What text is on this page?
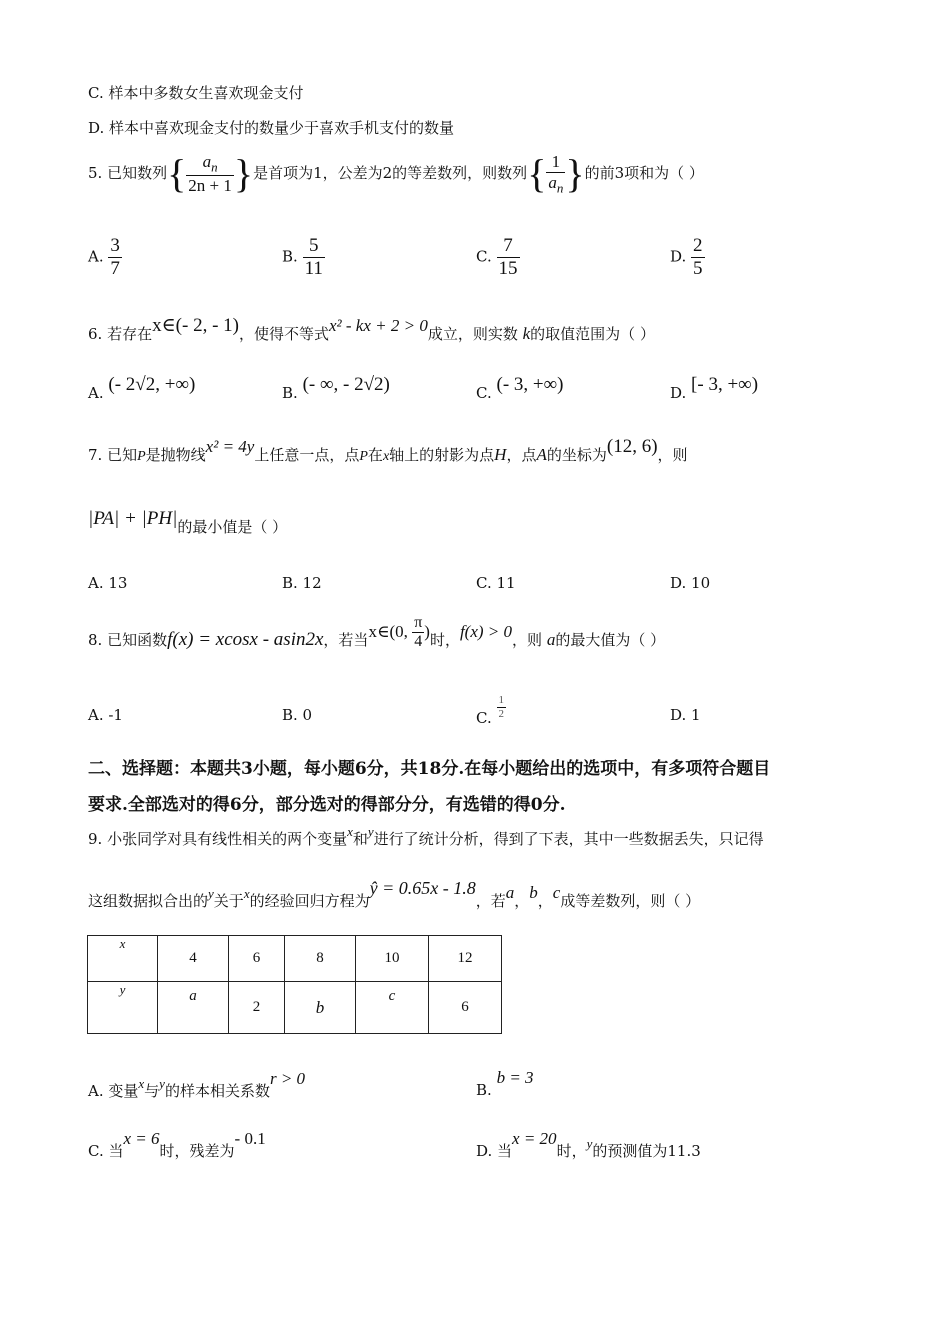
C. 样本中多数女生喜欢现金支付
D. 样本中喜欢现金支付的数量少于喜欢手机支付的数量
5. 已知数列{ $\frac{a_n}{2n + 1}$ }是首项为1，公差为2的等差数列，则数列{ $\frac{1}{a_n}$ }的前3项和为（ ）
A. $\frac{3}{7}$	B. $\frac{5}{11}$	C. $\frac{7}{15}$	D. $\frac{2}{5}$
6. 若存在x∈(- 2, - 1)，使得不等式x² - kx + 2 > 0成立，则实数 k的取值范围为（ ）
A. (- 2√2, +∞)	B. (- ∞, - 2√2)	C. (- 3, +∞)	D. [- 3, +∞)
7. 已知P是抛物线x² = 4y上任意一点，点P在x轴上的射影为点H，点A的坐标为(12, 6)，则
|PA| + |PH|的最小值是（ ）
A. 13	B. 12	C. 11	D. 10
8. 已知函数f(x) = xcosx - asin2x，若当x∈(0, $\frac{\pi}{4}$ )时，f(x) > 0，则 a的最大值为（ ）
A. -1	B. 0	C. $\frac{1}{2}$	D. 1
二、选择题：本题共3小题，每小题6分，共18分.在每小题给出的选项中，有多项符合题目
要求.全部选对的得6分，部分选对的得部分分，有选错的得0分.
9. 小张同学对具有线性相关的两个变量x和y进行了统计分析，得到了下表，其中一些数据丢失，只记得
这组数据拟合出的y关于x的经验回归方程为ŷ = 0.65x - 1.8，若a，b，c成等差数列，则（ ）
x	4	6	8	10	12
y	a	2	b	c	6
A. 变量x与y的样本相关系数r > 0
B. b = 3
C. 当x = 6时，残差为- 0.1
D. 当x = 20时，y的预测值为11.3
